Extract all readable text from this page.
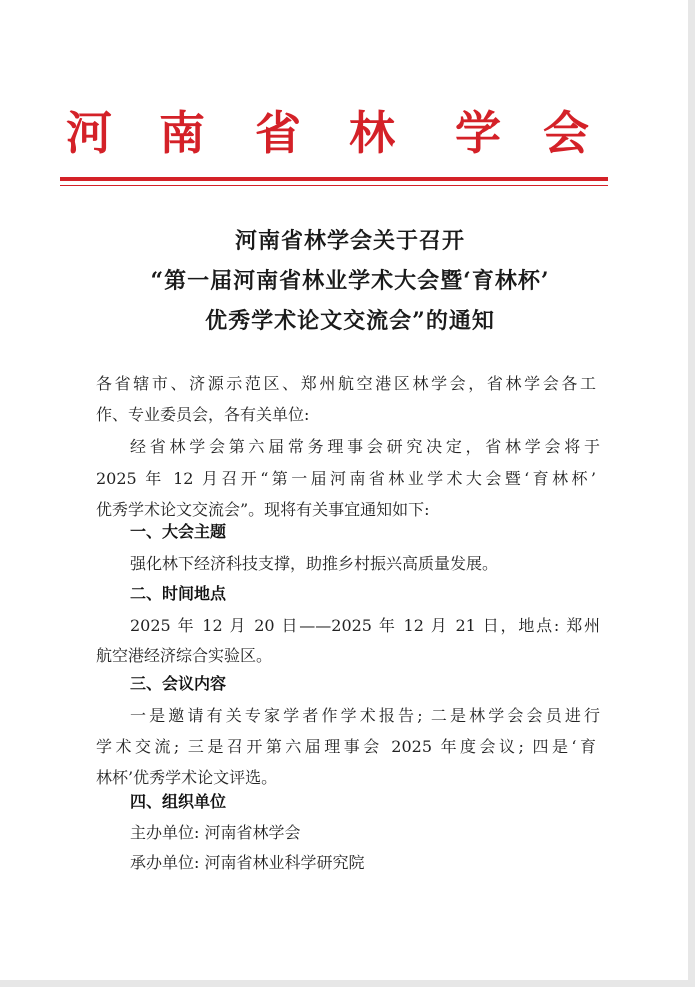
河 南 省 林 学 会
河南省林学会关于召开
“第一届河南省林业学术大会暨‘育林杯’
优秀学术论文交流会”的通知
各省辖市、济源示范区、郑州航空港区林学会，省林学会各工
作、专业委员会，各有关单位:
经省林学会第六届常务理事会研究决定，省林学会将于
2025 年 12 月召开“第一届河南省林业学术大会暨‘育林杯’
优秀学术论文交流会”。现将有关事宜通知如下:
一、大会主题
强化林下经济科技支撑，助推乡村振兴高质量发展。
二、时间地点
2025 年 12 月 20 日——2025 年 12 月 21 日，地点: 郑州
航空港经济综合实验区。
三、会议内容
一是邀请有关专家学者作学术报告; 二是林学会会员进行
学术交流; 三是召开第六届理事会 2025 年度会议; 四是‘育
林杯’优秀学术论文评选。
四、组织单位
主办单位: 河南省林学会
承办单位: 河南省林业科学研究院
